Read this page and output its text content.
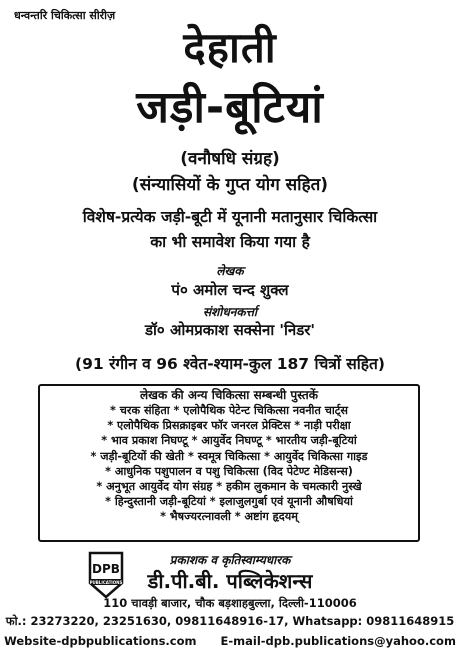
धन्वन्तरि चिकित्सा सीरीज़
देहाती
जड़ी-बूटियां
(वनौषधि संग्रह)
(संन्यासियों के गुप्त योग सहित)
विशेष-प्रत्येक जड़ी-बूटी में यूनानी मतानुसार चिकित्सा
का भी समावेश किया गया है
लेखक
पं० अमोल चन्द शुक्ल
संशोधनकर्त्ता
डॉ० ओमप्रकाश सक्सेना 'निडर'
(91 रंगीन व 96 श्वेत-श्याम-कुल 187 चित्रों सहित)
लेखक की अन्य चिकित्सा सम्बन्धी पुस्तकें
* चरक संहिता * एलोपैथिक पेटेन्ट चिकित्सा नवनीत चार्ट्स
* एलोपैथिक प्रिसक्राइबर फॉर जनरल प्रेक्टिस * नाड़ी परीक्षा
* भाव प्रकाश निघण्टू * आयुर्वेद निघण्टू * भारतीय जड़ी-बूटियां
* जड़ी-बूटियों की खेती * स्वमूत्र चिकित्सा * आयुर्वेद चिकित्सा गाइड
* आधुनिक पशुपालन व पशु चिकित्सा (विद पेटेण्ट मेडिसन्स)
* अनुभूत आयुर्वेद योग संग्रह * हकीम लुकमान के चमत्कारी नुस्खे
* हिन्दुस्तानी जड़ी-बूटियां * इलाजुलगुर्बा एवं यूनानी औषधियां
* भैषज्यरत्नावली * अष्टांग हृदयम्
प्रकाशक व कृतिस्वाम्यधारक
DPB
PUBLICATIONS	डी.पी.बी. पब्लिकेशन्स
110 चावड़ी बाजार, चौक बड़शाहबुल्ला, दिल्ली-110006
फो.: 23273220, 23251630, 09811648916-17, Whatsapp: 09811648915
Website-dpbpublications.com E-mail-dpb.publications@yahoo.com
